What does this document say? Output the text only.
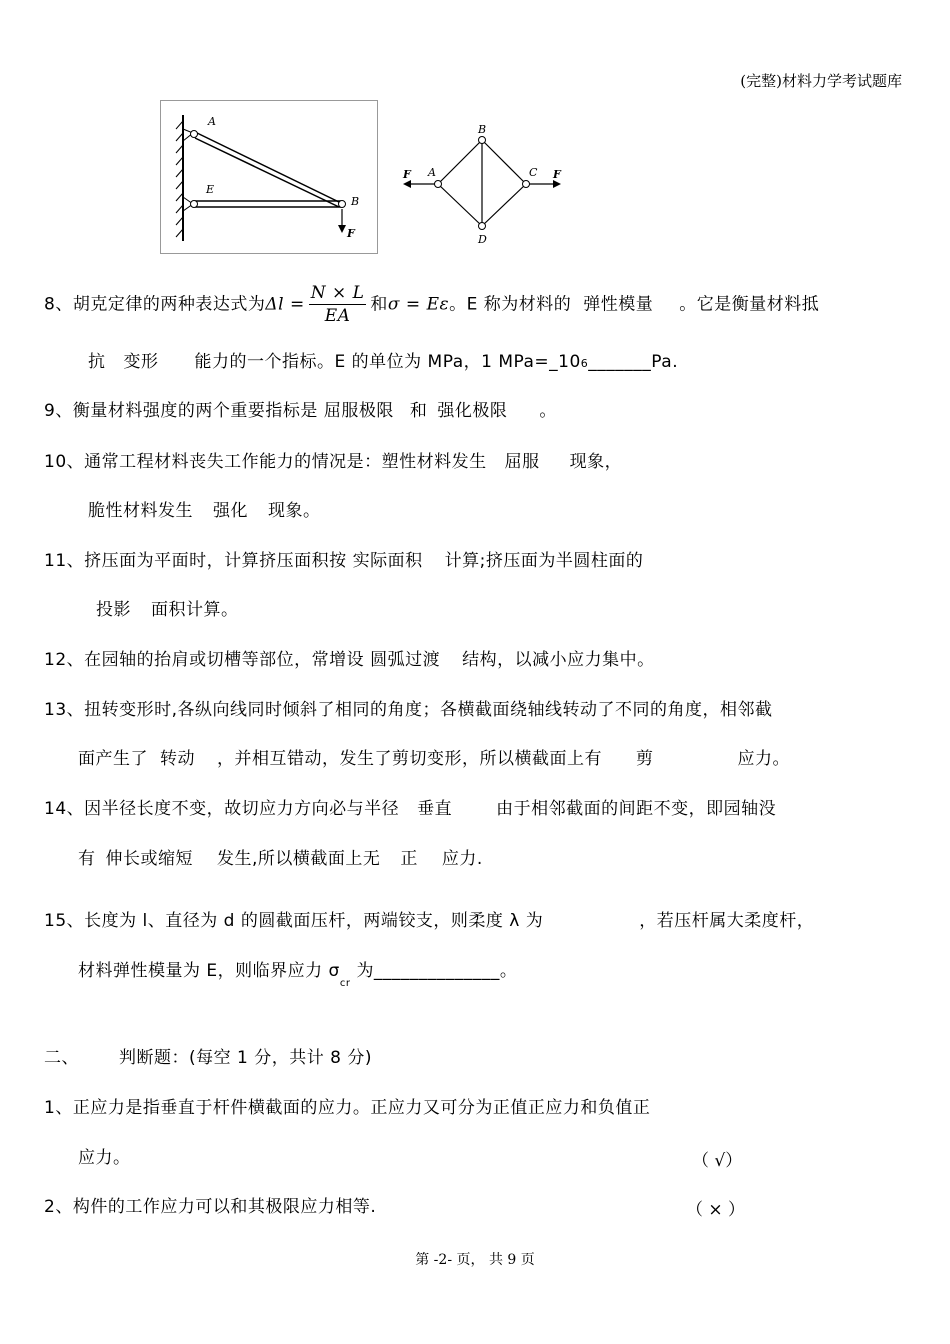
(完整)材料力学考试题库
A
E
B
F
A
B
C
D
F	F
8、胡克定律的两种表达式为$\Delta l = \frac{N \times L}{EA}$ 和σ = Eε。E 称为材料的 弹性模量 。它是衡量材料抵
抗 变形 能力的一个指标。E 的单位为 MPa，1 MPa=_106_______Pa.
9、衡量材料强度的两个重要指标是 屈服极限 和 强化极限 。
10、通常工程材料丧失工作能力的情况是：塑性材料发生 屈服 现象，
脆性材料发生 强化 现象。
11、挤压面为平面时，计算挤压面积按 实际面积 计算;挤压面为半圆柱面的
投影 面积计算。
12、在园轴的抬肩或切槽等部位，常增设 圆弧过渡 结构，以减小应力集中。
13、扭转变形时,各纵向线同时倾斜了相同的角度；各横截面绕轴线转动了不同的角度，相邻截
面产生了 转动 ，并相互错动，发生了剪切变形，所以横截面上有 剪	应力。
14、因半径长度不变，故切应力方向必与半径 垂直	由于相邻截面的间距不变，即园轴没
有 伸长或缩短 发生,所以横截面上无 正 应力.
15、长度为 l、直径为 d 的圆截面压杆，两端铰支，则柔度 λ 为	，若压杆属大柔度杆，
材料弹性模量为 E，则临界应力 $\sigma_{cr}$为______________。
二、 判断题：(每空 1 分，共计 8 分)
1、正应力是指垂直于杆件横截面的应力。正应力又可分为正值正应力和负值正
应力。	（ √）
2、构件的工作应力可以和其极限应力相等.	（ × ）
第 -2- 页， 共 9 页
